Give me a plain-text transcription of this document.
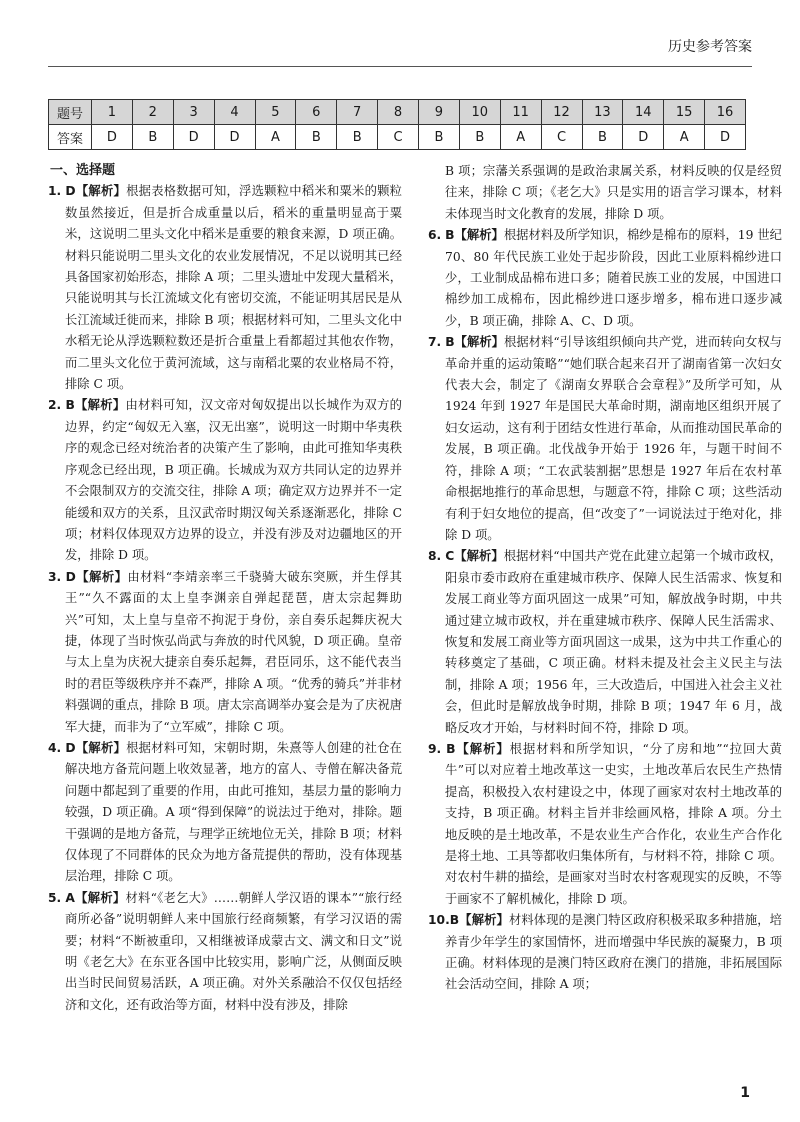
历史参考答案
题号	1	2	3	4	5	6	7	8	9	10	11	12	13	14	15	16
答案	D	B	D	D	A	B	B	C	B	B	A	C	B	D	A	D

一、选择题

1. D【解析】根据表格数据可知，浮选颗粒中稻米和粟米的颗粒数虽然接近，但是折合成重量以后，稻米的重量明显高于粟米，这说明二里头文化中稻米是重要的粮食来源，D 项正确。材料只能说明二里头文化的农业发展情况，不足以说明其已经具备国家初始形态，排除 A 项；二里头遗址中发现大量稻米，只能说明其与长江流域文化有密切交流，不能证明其居民是从长江流域迁徙而来，排除 B 项；根据材料可知，二里头文化中水稻无论从浮选颗粒数还是折合重量上看都超过其他农作物，而二里头文化位于黄河流域，这与南稻北粟的农业格局不符，排除 C 项。

2. B【解析】由材料可知，汉文帝对匈奴提出以长城作为双方的边界，约定“匈奴无入塞，汉无出塞”，说明这一时期中华夷秩序的观念已经对统治者的决策产生了影响，由此可推知华夷秩序观念已经出现，B 项正确。长城成为双方共同认定的边界并不会限制双方的交流交往，排除 A 项；确定双方边界并不一定能缓和双方的关系，且汉武帝时期汉匈关系逐渐恶化，排除 C 项；材料仅体现双方边界的设立，并没有涉及对边疆地区的开发，排除 D 项。

3. D【解析】由材料“李靖亲率三千骁骑大破东突厥，并生俘其王”“久不露面的太上皇李渊亲自弹起琵琶，唐太宗起舞助兴”可知，太上皇与皇帝不拘泥于身份，亲自奏乐起舞庆祝大捷，体现了当时恢弘尚武与奔放的时代风貌，D 项正确。皇帝与太上皇为庆祝大捷亲自奏乐起舞，君臣同乐，这不能代表当时的君臣等级秩序并不森严，排除 A 项。“优秀的骑兵”并非材料强调的重点，排除 B 项。唐太宗高调举办宴会是为了庆祝唐军大捷，而非为了“立军威”，排除 C 项。

4. D【解析】根据材料可知，宋朝时期，朱熹等人创建的社仓在解决地方备荒问题上收效显著，地方的富人、寺僧在解决备荒问题中都起到了重要的作用，由此可推知，基层力量的影响力较强，D 项正确。A 项“得到保障”的说法过于绝对，排除。题干强调的是地方备荒，与理学正统地位无关，排除 B 项；材料仅体现了不同群体的民众为地方备荒提供的帮助，没有体现基层治理，排除 C 项。

5. A【解析】材料“《老乞大》……朝鲜人学汉语的课本”“旅行经商所必备”说明朝鲜人来中国旅行经商频繁，有学习汉语的需要；材料“不断被重印，又相继被译成蒙古文、满文和日文”说明《老乞大》在东亚各国中比较实用，影响广泛，从侧面反映出当时民间贸易活跃，A 项正确。对外关系融洽不仅仅包括经济和文化，还有政治等方面，材料中没有涉及，排除

B 项；宗藩关系强调的是政治隶属关系，材料反映的仅是经贸往来，排除 C 项；《老乞大》只是实用的语言学习课本，材料未体现当时文化教育的发展，排除 D 项。

6. B【解析】根据材料及所学知识，棉纱是棉布的原料，19 世纪 70、80 年代民族工业处于起步阶段，因此工业原料棉纱进口少，工业制成品棉布进口多；随着民族工业的发展，中国进口棉纱加工成棉布，因此棉纱进口逐步增多，棉布进口逐步减少，B 项正确，排除 A、C、D 项。

7. B【解析】根据材料“引导该组织倾向共产党，进而转向女权与革命并重的运动策略”“她们联合起来召开了湖南省第一次妇女代表大会，制定了《湖南女界联合会章程》”及所学可知，从 1924 年到 1927 年是国民大革命时期，湖南地区组织开展了妇女运动，这有利于团结女性进行革命，从而推动国民革命的发展，B 项正确。北伐战争开始于 1926 年，与题干时间不符，排除 A 项；“工农武装割据”思想是 1927 年后在农村革命根据地推行的革命思想，与题意不符，排除 C 项；这些活动有利于妇女地位的提高，但“改变了”一词说法过于绝对化，排除 D 项。

8. C【解析】根据材料“中国共产党在此建立起第一个城市政权，阳泉市委市政府在重建城市秩序、保障人民生活需求、恢复和发展工商业等方面巩固这一成果”可知，解放战争时期，中共通过建立城市政权，并在重建城市秩序、保障人民生活需求、恢复和发展工商业等方面巩固这一成果，这为中共工作重心的转移奠定了基础，C 项正确。材料未提及社会主义民主与法制，排除 A 项；1956 年，三大改造后，中国进入社会主义社会，但此时是解放战争时期，排除 B 项；1947 年 6 月，战略反攻才开始，与材料时间不符，排除 D 项。

9. B【解析】根据材料和所学知识，“分了房和地”“拉回大黄牛”可以对应着土地改革这一史实，土地改革后农民生产热情提高，积极投入农村建设之中，体现了画家对农村土地改革的支持，B 项正确。材料主旨并非绘画风格，排除 A 项。分土地反映的是土地改革，不是农业生产合作化，农业生产合作化是将土地、工具等都收归集体所有，与材料不符，排除 C 项。对农村牛耕的描绘，是画家对当时农村客观现实的反映，不等于画家不了解机械化，排除 D 项。

10.B【解析】材料体现的是澳门特区政府积极采取多种措施，培养青少年学生的家国情怀，进而增强中华民族的凝聚力，B 项正确。材料体现的是澳门特区政府在澳门的措施，非拓展国际社会活动空间，排除 A 项；

1
